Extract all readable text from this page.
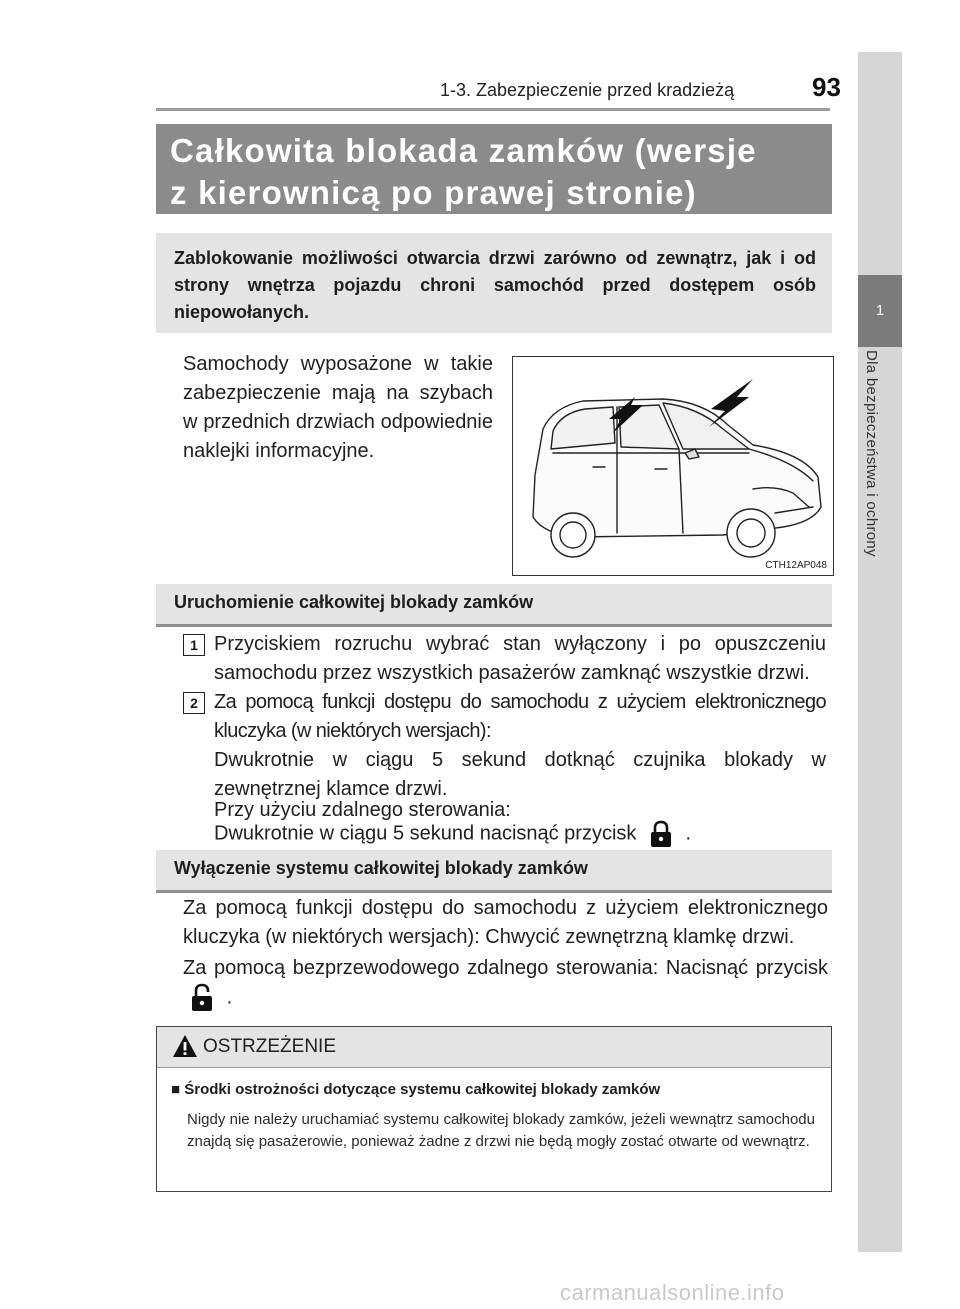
1-3. Zabezpieczenie przed kradzieżą	93
1
Dla bezpieczeństwa i ochrony
Całkowita blokada zamków (wersje
z kierownicą po prawej stronie)
Zablokowanie możliwości otwarcia drzwi zarówno od zewnątrz, jak i od strony wnętrza pojazdu chroni samochód przed dostępem osób niepowołanych.
Samochody wyposażone w takie zabezpieczenie mają na szybach w przednich drzwiach odpowiednie naklejki informacyjne.
CTH12AP048
Uruchomienie całkowitej blokady zamków
1 Przyciskiem rozruchu wybrać stan wyłączony i po opuszczeniu samochodu przez wszystkich pasażerów zamknąć wszystkie drzwi.
2 Za pomocą funkcji dostępu do samochodu z użyciem elektronicznego kluczyka (w niektórych wersjach):
Dwukrotnie w ciągu 5 sekund dotknąć czujnika blokady w zewnętrznej klamce drzwi.
Przy użyciu zdalnego sterowania:
Dwukrotnie w ciągu 5 sekund nacisnąć przycisk .
Wyłączenie systemu całkowitej blokady zamków
Za pomocą funkcji dostępu do samochodu z użyciem elektronicznego kluczyka (w niektórych wersjach): Chwycić zewnętrzną klamkę drzwi.
Za pomocą bezprzewodowego zdalnego sterowania: Nacisnąć przycisk  .
OSTRZEŻENIE
■ Środki ostrożności dotyczące systemu całkowitej blokady zamków
Nigdy nie należy uruchamiać systemu całkowitej blokady zamków, jeżeli wewnątrz samochodu znajdą się pasażerowie, ponieważ żadne z drzwi nie będą mogły zostać otwarte od wewnątrz.
carmanualsonline.info
